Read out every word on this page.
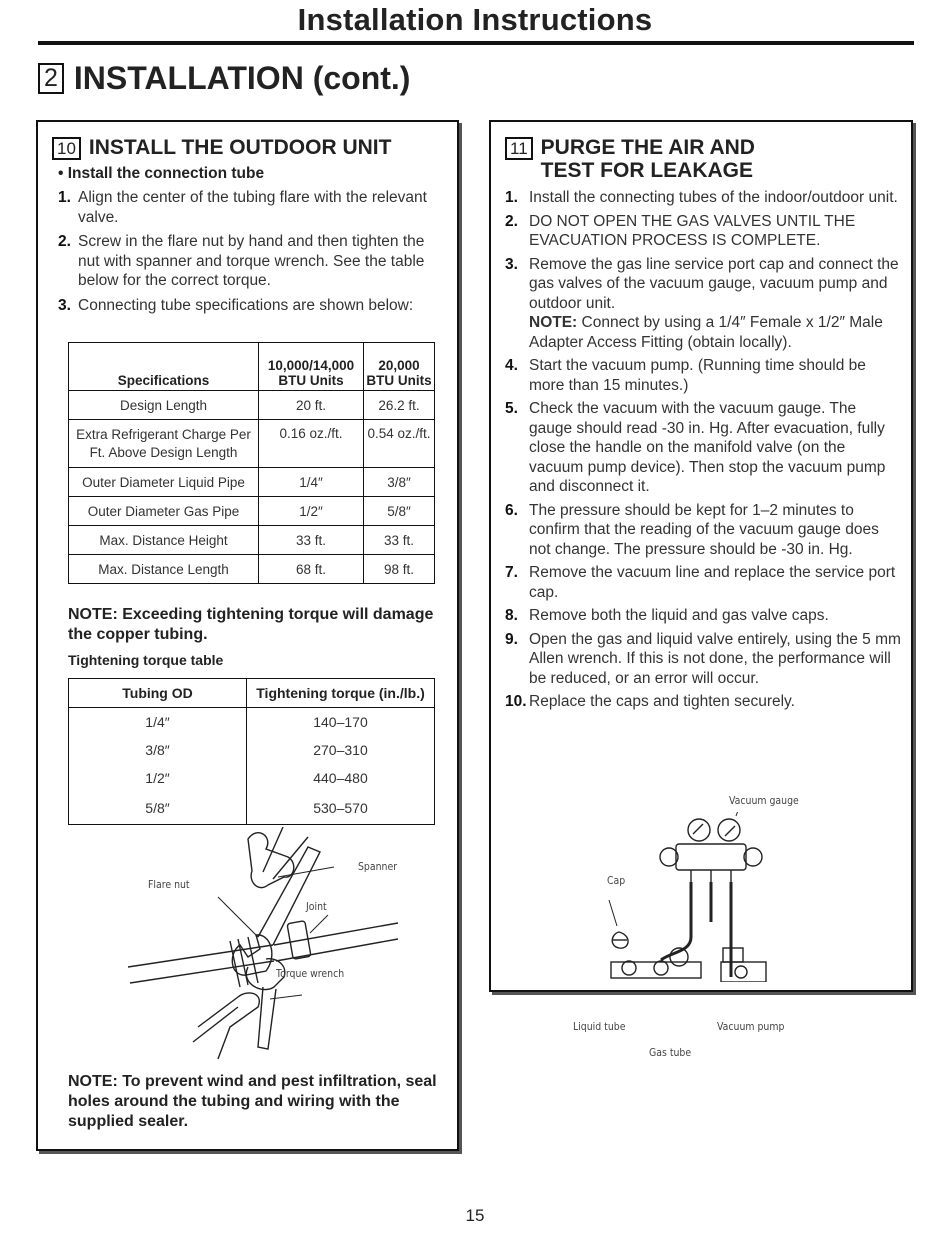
Installation Instructions
2 INSTALLATION (cont.)
10 INSTALL THE OUTDOOR UNIT
• Install the connection tube
1. Align the center of the tubing flare with the relevant valve.
2. Screw in the flare nut by hand and then tighten the nut with spanner and torque wrench. See the table below for the correct torque.
3. Connecting tube specifications are shown below:
Specifications	10,000/14,000 BTU Units	20,000 BTU Units
Design Length	20 ft.	26.2 ft.
Extra Refrigerant Charge Per Ft. Above Design Length	0.16 oz./ft.	0.54 oz./ft.
Outer Diameter Liquid Pipe	1/4″	3/8″
Outer Diameter Gas Pipe	1/2″	5/8″
Max. Distance Height	33 ft.	33 ft.
Max. Distance Length	68 ft.	98 ft.
NOTE: Exceeding tightening torque will damage the copper tubing.
Tightening torque table
Tubing OD	Tightening torque (in./lb.)
1/4″	140–170
3/8″	270–310
1/2″	440–480
5/8″	530–570
Spanner
Flare nut
Joint
Torque wrench
NOTE: To prevent wind and pest infiltration, seal holes around the tubing and wiring with the supplied sealer.
11 PURGE THE AIR AND
TEST FOR LEAKAGE
1. Install the connecting tubes of the indoor/outdoor unit.
2. DO NOT OPEN THE GAS VALVES UNTIL THE EVACUATION PROCESS IS COMPLETE.
3. Remove the gas line service port cap and connect the gas valves of the vacuum gauge, vacuum pump and outdoor unit.
NOTE: Connect by using a 1/4″ Female x 1/2″ Male Adapter Access Fitting (obtain locally).
4. Start the vacuum pump. (Running time should be more than 15 minutes.)
5. Check the vacuum with the vacuum gauge. The gauge should read -30 in. Hg. After evacuation, fully close the handle on the manifold valve (on the vacuum pump device). Then stop the vacuum pump and disconnect it.
6. The pressure should be kept for 1–2 minutes to confirm that the reading of the vacuum gauge does not change. The pressure should be -30 in. Hg.
7. Remove the vacuum line and replace the service port cap.
8. Remove both the liquid and gas valve caps.
9. Open the gas and liquid valve entirely, using the 5 mm Allen wrench. If this is not done, the performance will be reduced, or an error will occur.
10. Replace the caps and tighten securely.
Vacuum gauge
Cap
Liquid tube	Vacuum pump
Gas tube
15
